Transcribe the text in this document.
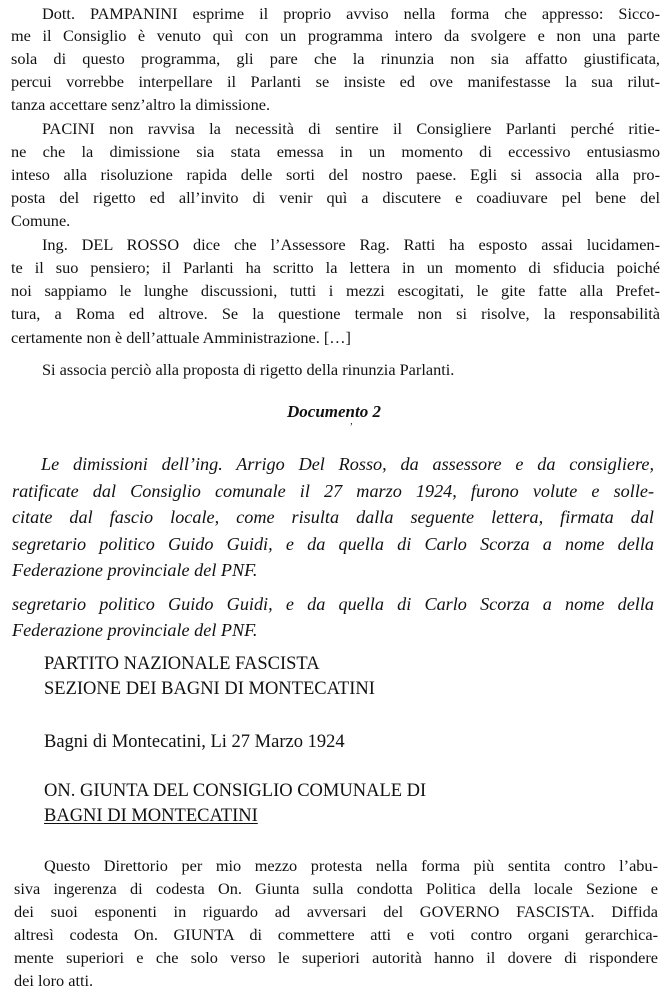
Dott. PAMPANINI esprime il proprio avviso nella forma che appresso: Sicco-
me il Consiglio è venuto quì con un programma intero da svolgere e non una parte
sola di questo programma, gli pare che la rinunzia non sia affatto giustificata,
percui vorrebbe interpellare il Parlanti se insiste ed ove manifestasse la sua rilut-
tanza accettare senz’altro la dimissione.
PACINI non ravvisa la necessità di sentire il Consigliere Parlanti perché ritie-
ne che la dimissione sia stata emessa in un momento di eccessivo entusiasmo
inteso alla risoluzione rapida delle sorti del nostro paese. Egli si associa alla pro-
posta del rigetto ed all’invito di venir quì a discutere e coadiuvare pel bene del
Comune.
Ing. DEL ROSSO dice che l’Assessore Rag. Ratti ha esposto assai lucidamen-
te il suo pensiero; il Parlanti ha scritto la lettera in un momento di sfiducia poiché
noi sappiamo le lunghe discussioni, tutti i mezzi escogitati, le gite fatte alla Prefet-
tura, a Roma ed altrove. Se la questione termale non si risolve, la responsabilità
certamente non è dell’attuale Amministrazione. […]
Si associa perciò alla proposta di rigetto della rinunzia Parlanti.
Documento 2
’
Le dimissioni dell’ing. Arrigo Del Rosso, da assessore e da consigliere,
ratificate dal Consiglio comunale il 27 marzo 1924, furono volute e solle-
citate dal fascio locale, come risulta dalla seguente lettera, firmata dal
segretario politico Guido Guidi, e da quella di Carlo Scorza a nome della
Federazione provinciale del PNF.
segretario politico Guido Guidi, e da quella di Carlo Scorza a nome della
Federazione provinciale del PNF.
PARTITO NAZIONALE FASCISTA
SEZIONE DEI BAGNI DI MONTECATINI
Bagni di Montecatini, Li 27 Marzo 1924
ON. GIUNTA DEL CONSIGLIO COMUNALE DI
BAGNI DI MONTECATINI
Questo Direttorio per mio mezzo protesta nella forma più sentita contro l’abu-
siva ingerenza di codesta On. Giunta sulla condotta Politica della locale Sezione e
dei suoi esponenti in riguardo ad avversari del GOVERNO FASCISTA. Diffida
altresì codesta On. GIUNTA di commettere atti e voti contro organi gerarchica-
mente superiori e che solo verso le superiori autorità hanno il dovere di rispondere
dei loro atti.
